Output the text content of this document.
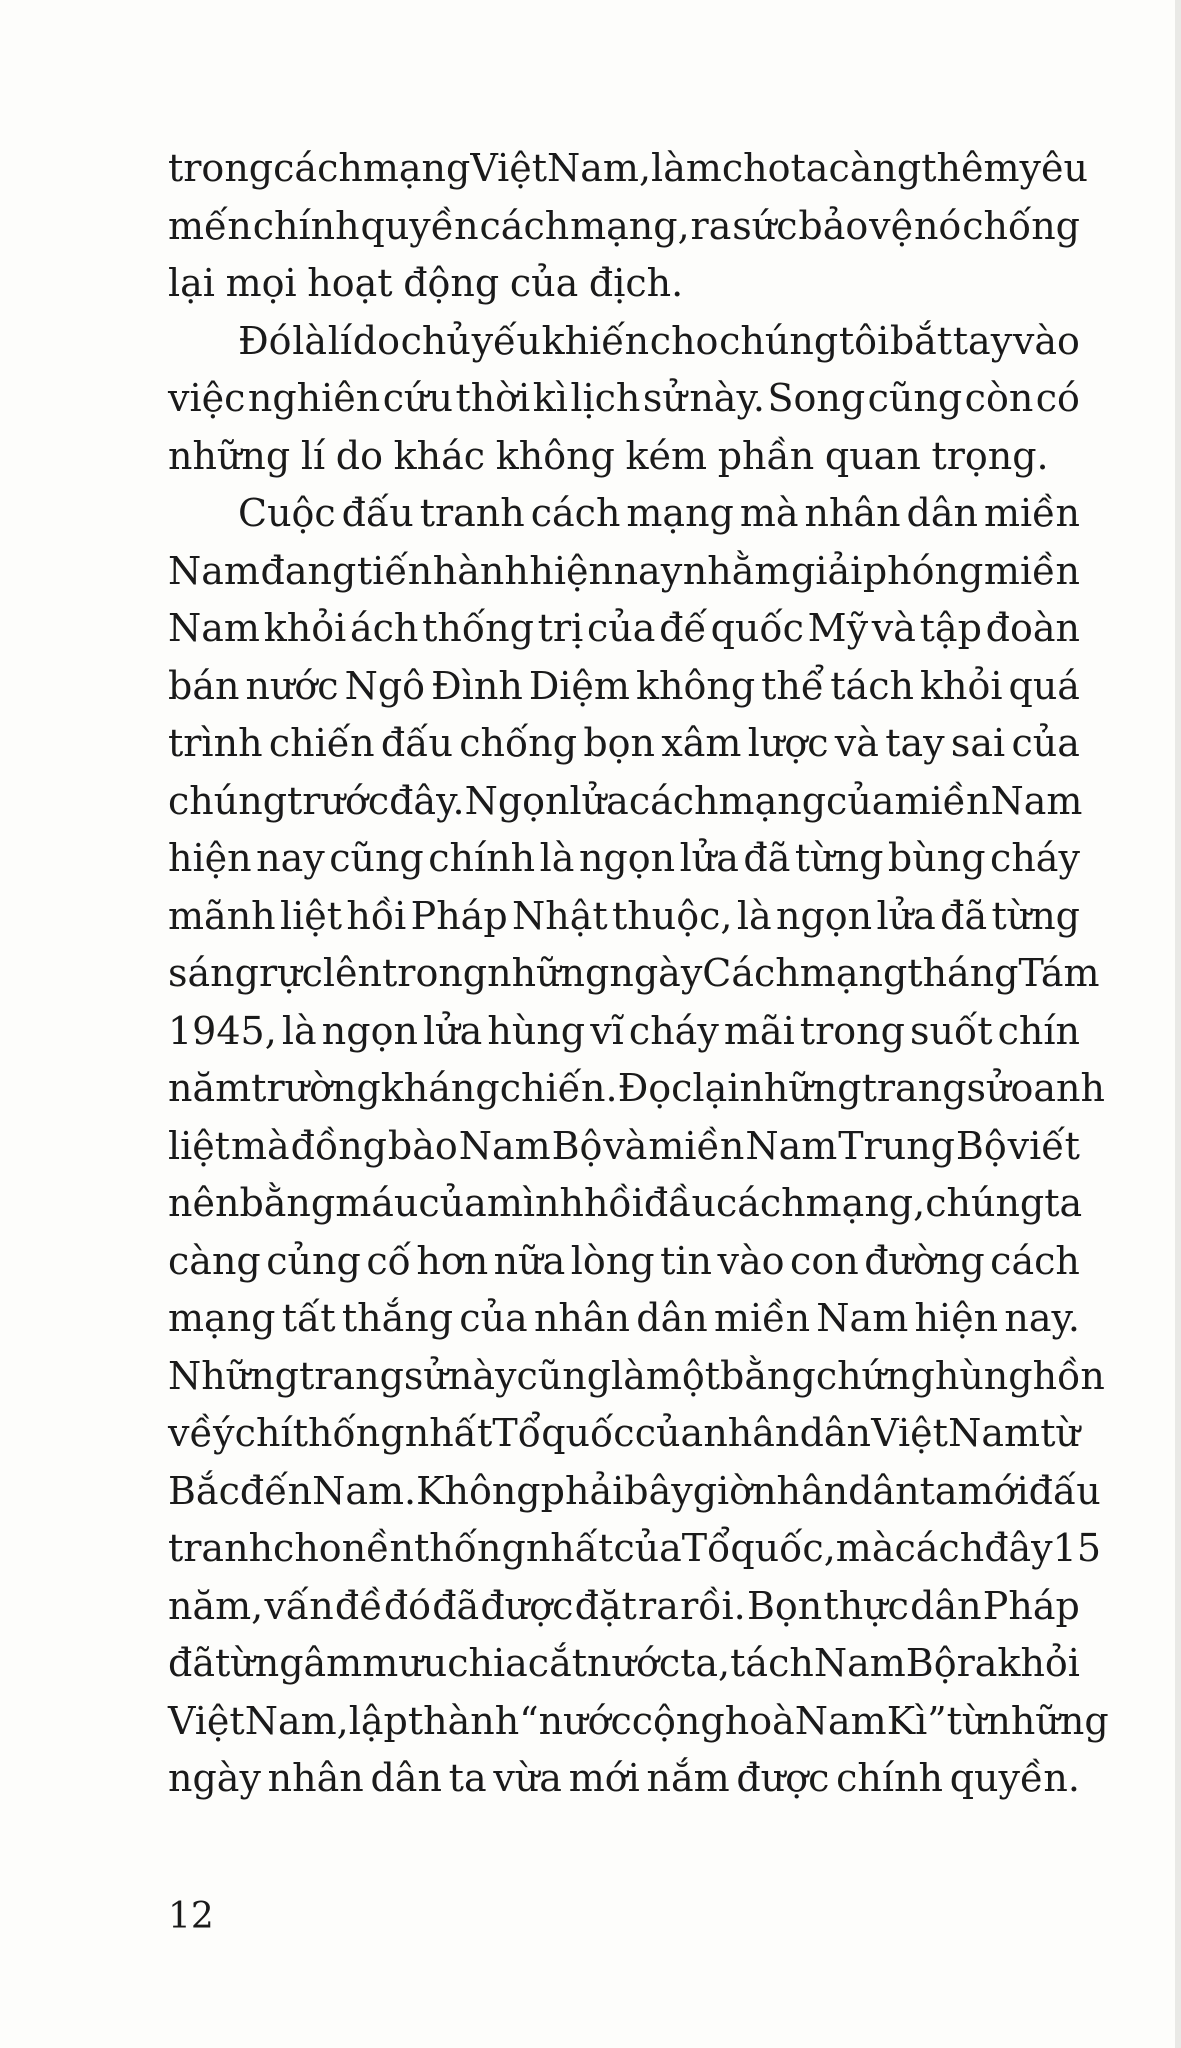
trong cách mạng Việt Nam, làm cho ta càng thêm yêu
mến chính quyền cách mạng, ra sức bảo vệ nó chống
lại mọi hoạt động của địch.
Đó là lí do chủ yếu khiến cho chúng tôi bắt tay vào
việc nghiên cứu thời kì lịch sử này. Song cũng còn có
những lí do khác không kém phần quan trọng.
Cuộc đấu tranh cách mạng mà nhân dân miền
Nam đang tiến hành hiện nay nhằm giải phóng miền
Nam khỏi ách thống trị của đế quốc Mỹ và tập đoàn
bán nước Ngô Đình Diệm không thể tách khỏi quá
trình chiến đấu chống bọn xâm lược và tay sai của
chúng trước đây. Ngọn lửa cách mạng của miền Nam
hiện nay cũng chính là ngọn lửa đã từng bùng cháy
mãnh liệt hồi Pháp Nhật thuộc, là ngọn lửa đã từng
sáng rực lên trong những ngày Cách mạng tháng Tám
1945, là ngọn lửa hùng vĩ cháy mãi trong suốt chín
năm trường kháng chiến. Đọc lại những trang sử oanh
liệt mà đồng bào Nam Bộ và miền Nam Trung Bộ viết
nên bằng máu của mình hồi đầu cách mạng, chúng ta
càng củng cố hơn nữa lòng tin vào con đường cách
mạng tất thắng của nhân dân miền Nam hiện nay.
Những trang sử này cũng là một bằng chứng hùng hồn
về ý chí thống nhất Tổ quốc của nhân dân Việt Nam từ
Bắc đến Nam. Không phải bây giờ nhân dân ta mới đấu
tranh cho nền thống nhất của Tổ quốc, mà cách đây 15
năm, vấn đề đó đã được đặt ra rồi. Bọn thực dân Pháp
đã từng âm mưu chia cắt nước ta, tách Nam Bộ ra khỏi
Việt Nam, lập thành “nước cộng hoà Nam Kì” từ những
ngày nhân dân ta vừa mới nắm được chính quyền.
12
